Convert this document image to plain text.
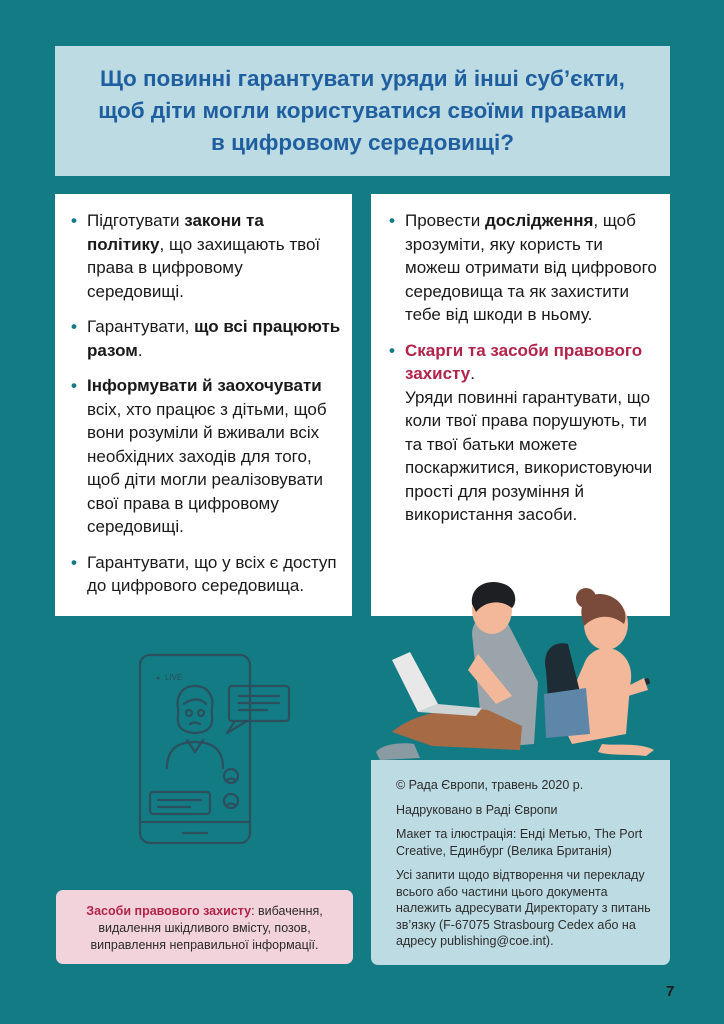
Що повинні гарантувати уряди й інші суб’єкти,
щоб діти могли користуватися своїми правами
в цифровому середовищі?
• Підготувати закони та політику, що захищають твої права в цифровому середовищі.
• Гарантувати, що всі працюють разом.
• Інформувати й заохочувати всіх, хто працює з дітьми, щоб вони розуміли й вживали всіх необхідних заходів для того, щоб діти могли реалізовувати свої права в цифровому середовищі.
• Гарантувати, що у всіх є доступ до цифрового середовища.
• Провести дослідження, щоб зрозуміти, яку користь ти можеш отримати від цифрового середовища та як захистити тебе від шкоди в ньому.
• Скарги та засоби правового захисту.
Уряди повинні гарантувати, що коли твої права порушують, ти та твої батьки можете поскаржитися, використовуючи прості для розуміння й використання засоби.
● LIVE
Засоби правового захисту: вибачення, видалення шкідливого вмісту, позов, виправлення неправильної інформації.

© Рада Європи, травень 2020 р.

Надруковано в Раді Європи

Макет та ілюстрація: Енді Метью, The Port Creative, Единбург (Велика Британія)

Усі запити щодо відтворення чи перекладу всього або частини цього документа належить адресувати Директорату з питань зв’язку (F-67075 Strasbourg Cedex або на адресу publishing@coe.int).

7
